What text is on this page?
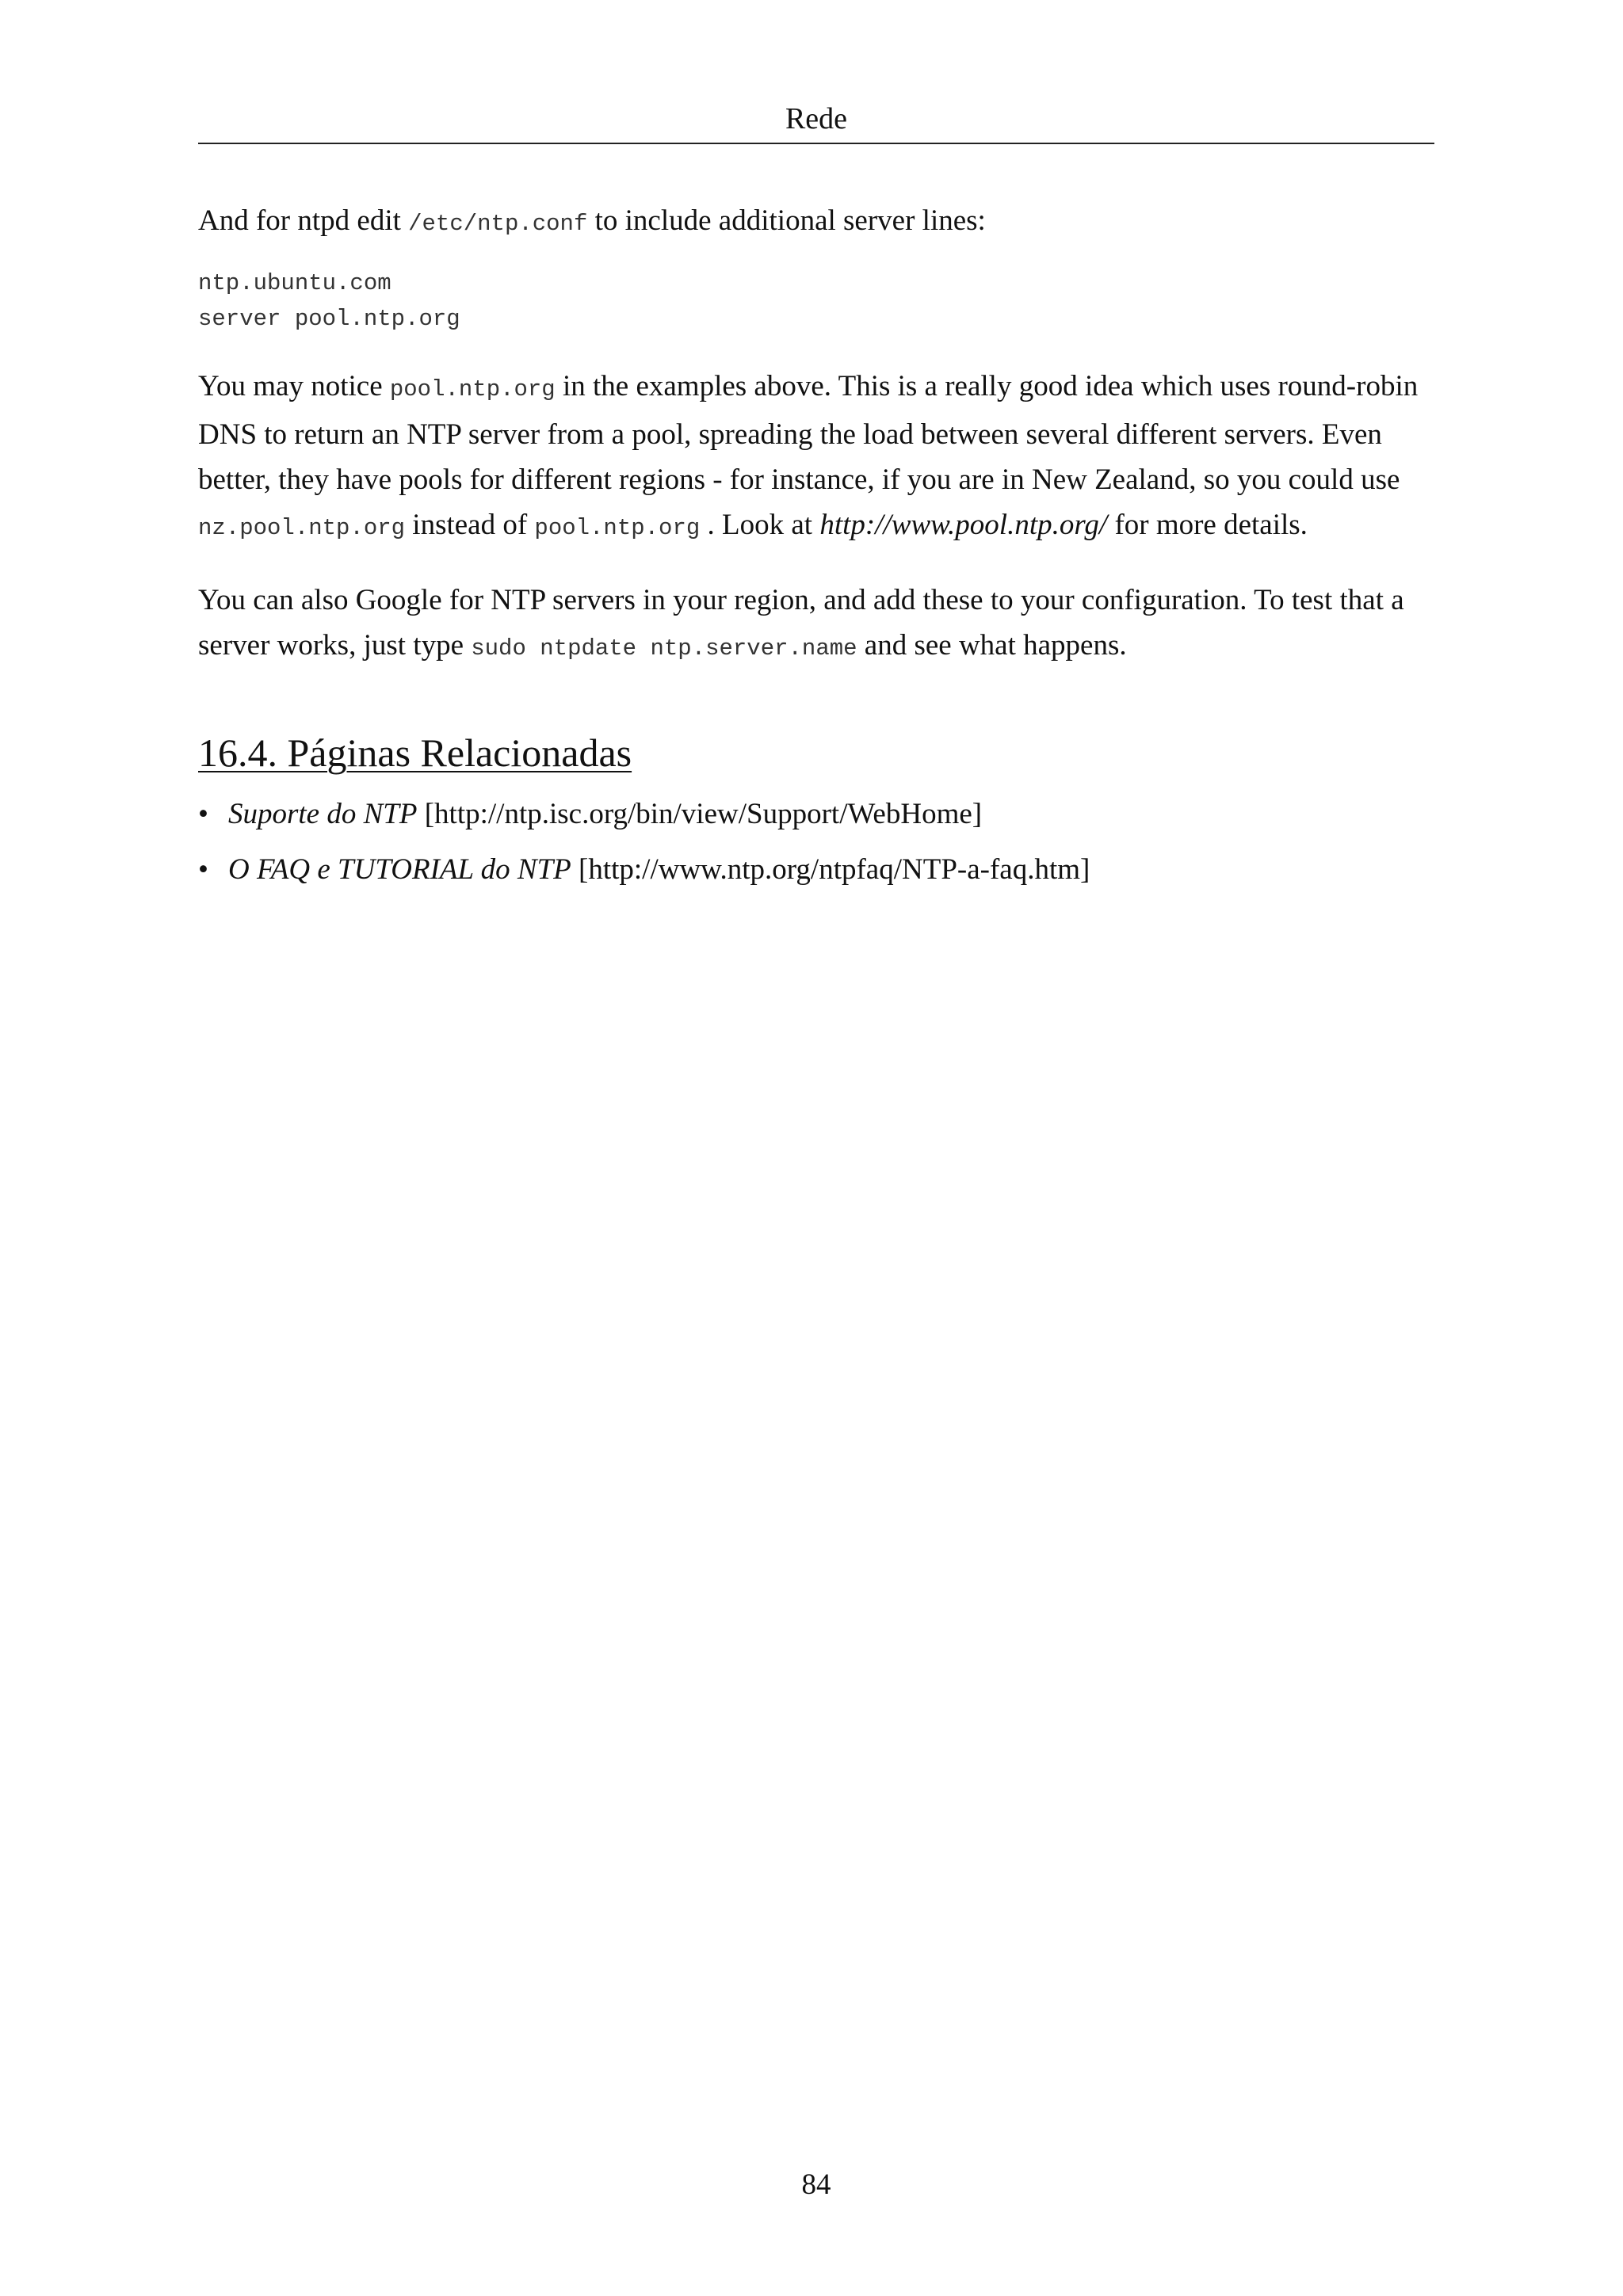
Rede

And for ntpd edit /etc/ntp.conf to include additional server lines:

ntp.ubuntu.com
server pool.ntp.org

You may notice pool.ntp.org in the examples above. This is a really good idea which uses round-robin DNS to return an NTP server from a pool, spreading the load between several different servers. Even better, they have pools for different regions - for instance, if you are in New Zealand, so you could use nz.pool.ntp.org instead of pool.ntp.org . Look at http://www.pool.ntp.org/ for more details.

You can also Google for NTP servers in your region, and add these to your configuration. To test that a server works, just type sudo ntpdate ntp.server.name and see what happens.

16.4. Páginas Relacionadas
• Suporte do NTP [http://ntp.isc.org/bin/view/Support/WebHome]
• O FAQ e TUTORIAL do NTP [http://www.ntp.org/ntpfaq/NTP-a-faq.htm]
84
